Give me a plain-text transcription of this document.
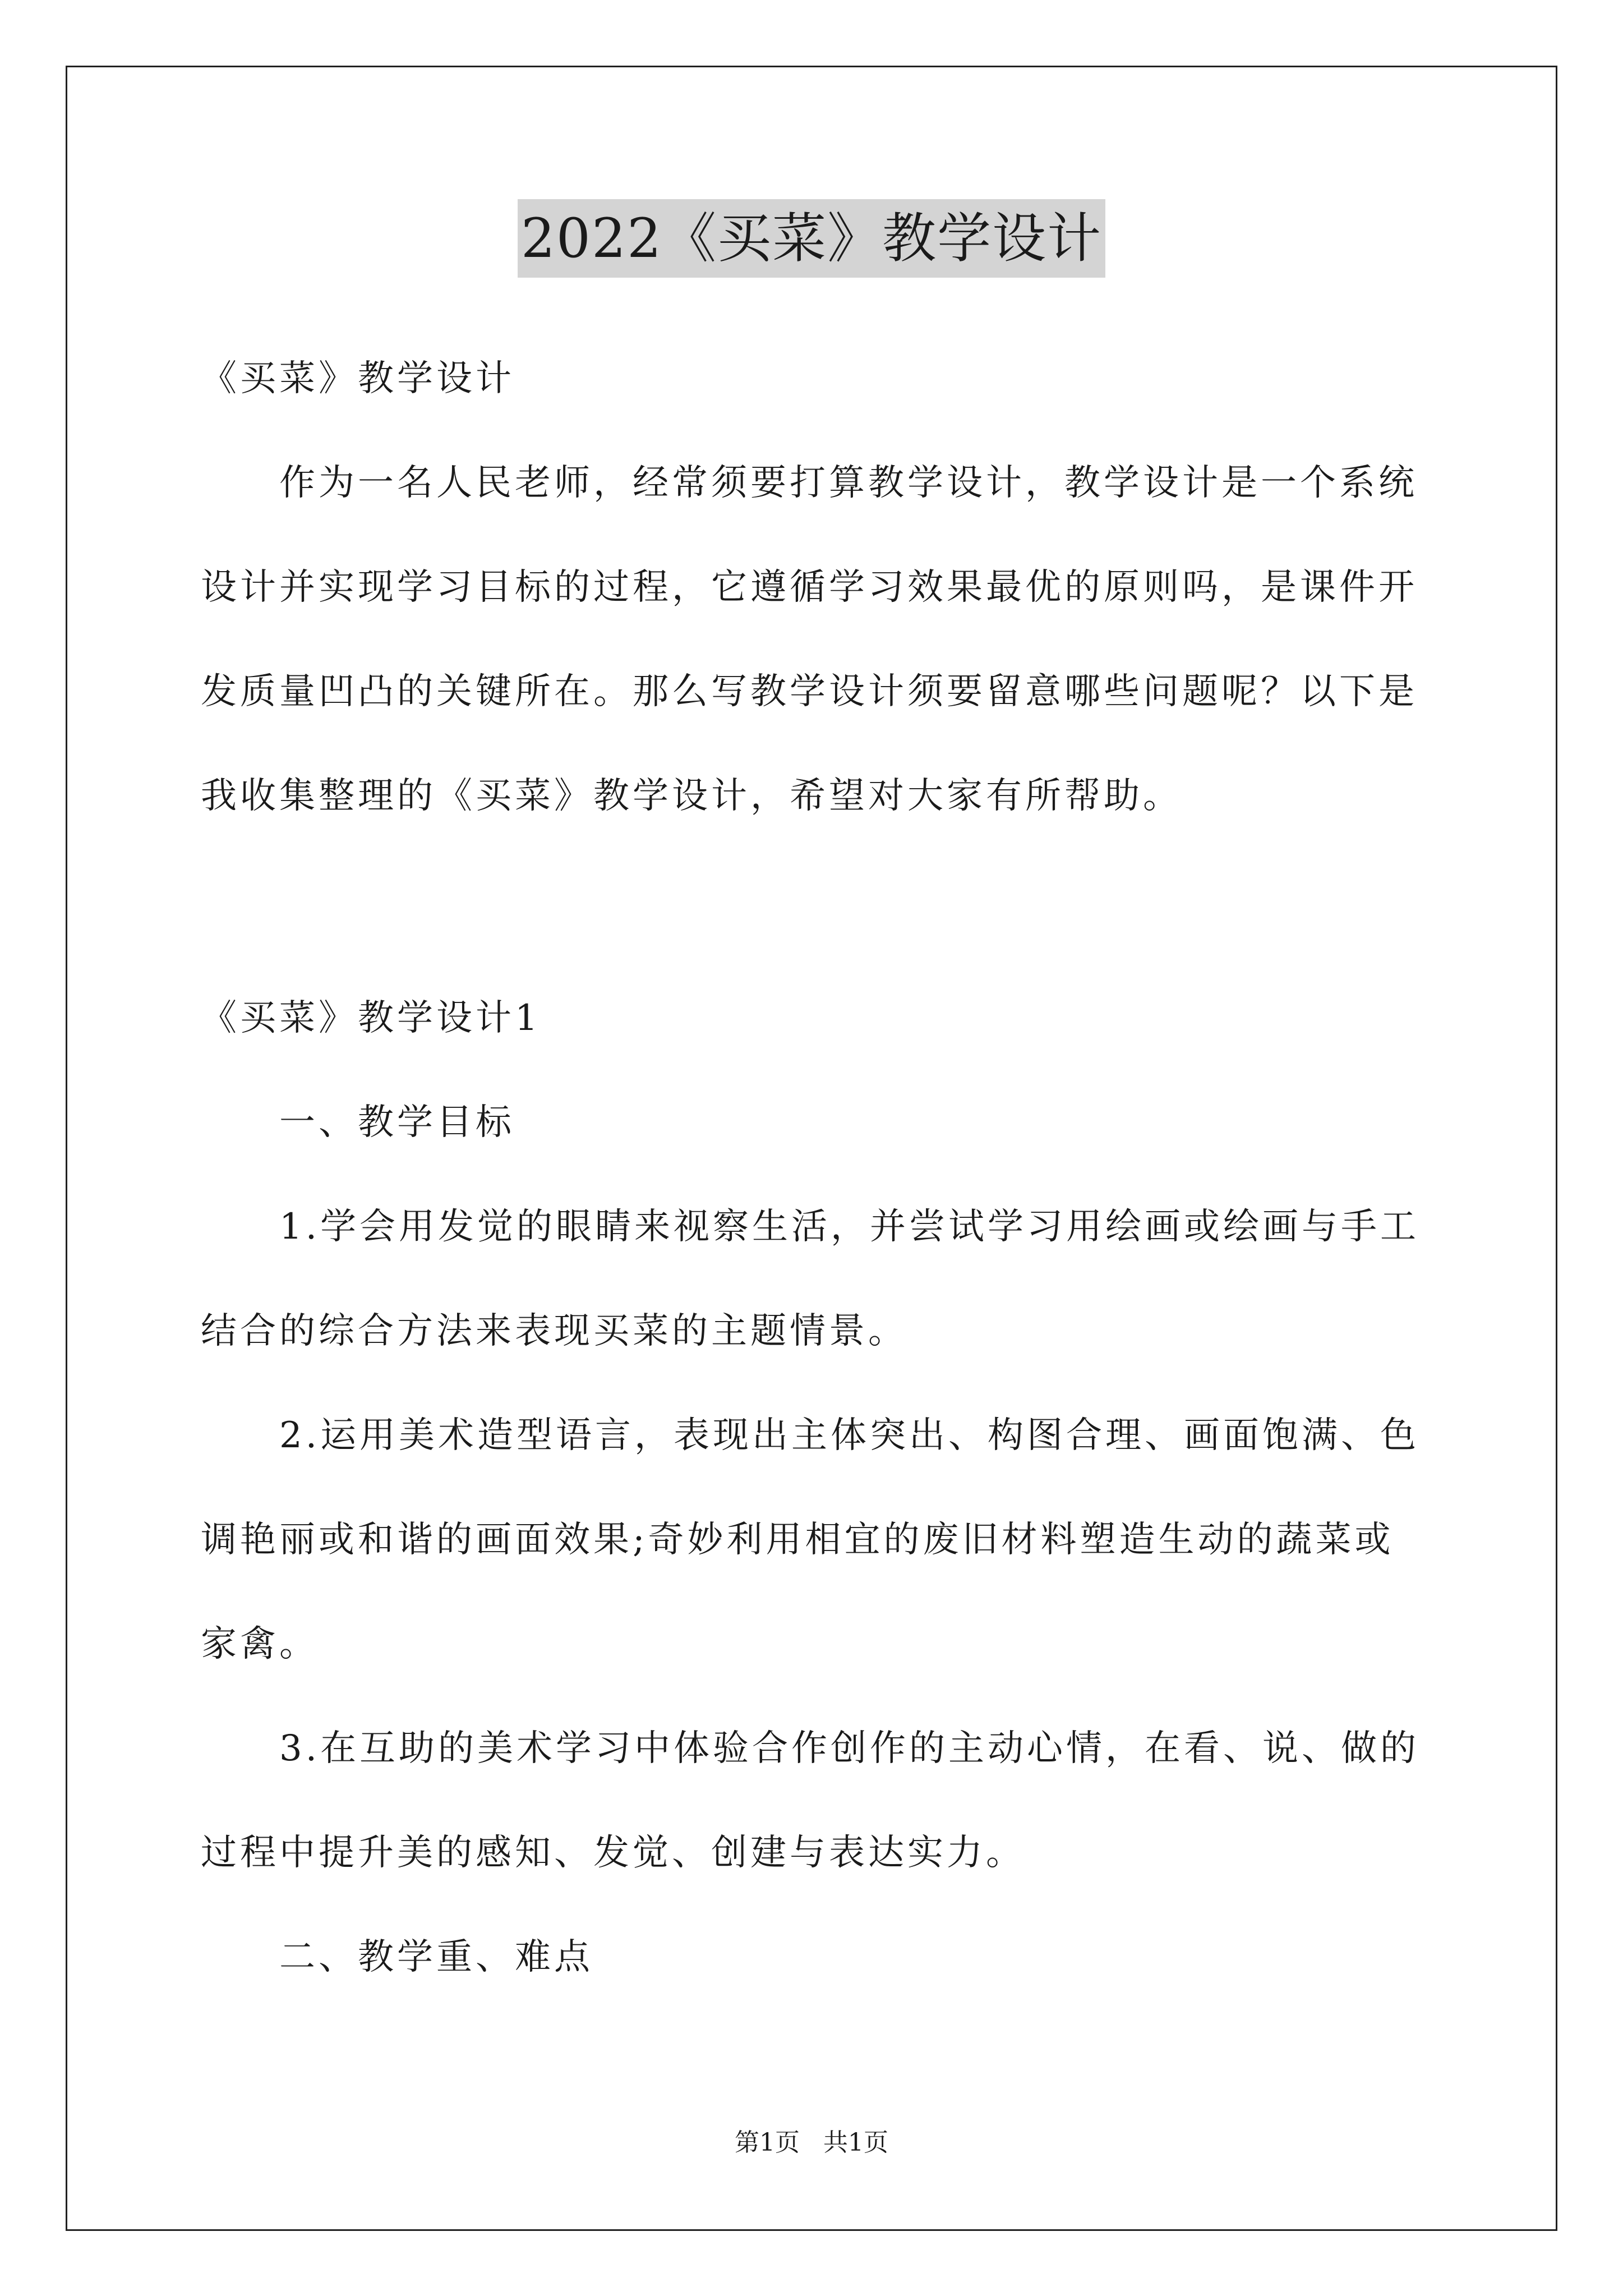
2022《买菜》教学设计

《买菜》教学设计

作为一名人民老师，经常须要打算教学设计，教学设计是一个系统设计并实现学习目标的过程，它遵循学习效果最优的原则吗，是课件开发质量凹凸的关键所在。那么写教学设计须要留意哪些问题呢？以下是我收集整理的《买菜》教学设计，希望对大家有所帮助。

《买菜》教学设计1

一、教学目标

1.学会用发觉的眼睛来视察生活，并尝试学习用绘画或绘画与手工结合的综合方法来表现买菜的主题情景。

2.运用美术造型语言，表现出主体突出、构图合理、画面饱满、色调艳丽或和谐的画面效果;奇妙利用相宜的废旧材料塑造生动的蔬菜或家禽。

3.在互助的美术学习中体验合作创作的主动心情，在看、说、做的过程中提升美的感知、发觉、创建与表达实力。

二、教学重、难点

第1页 共1页
